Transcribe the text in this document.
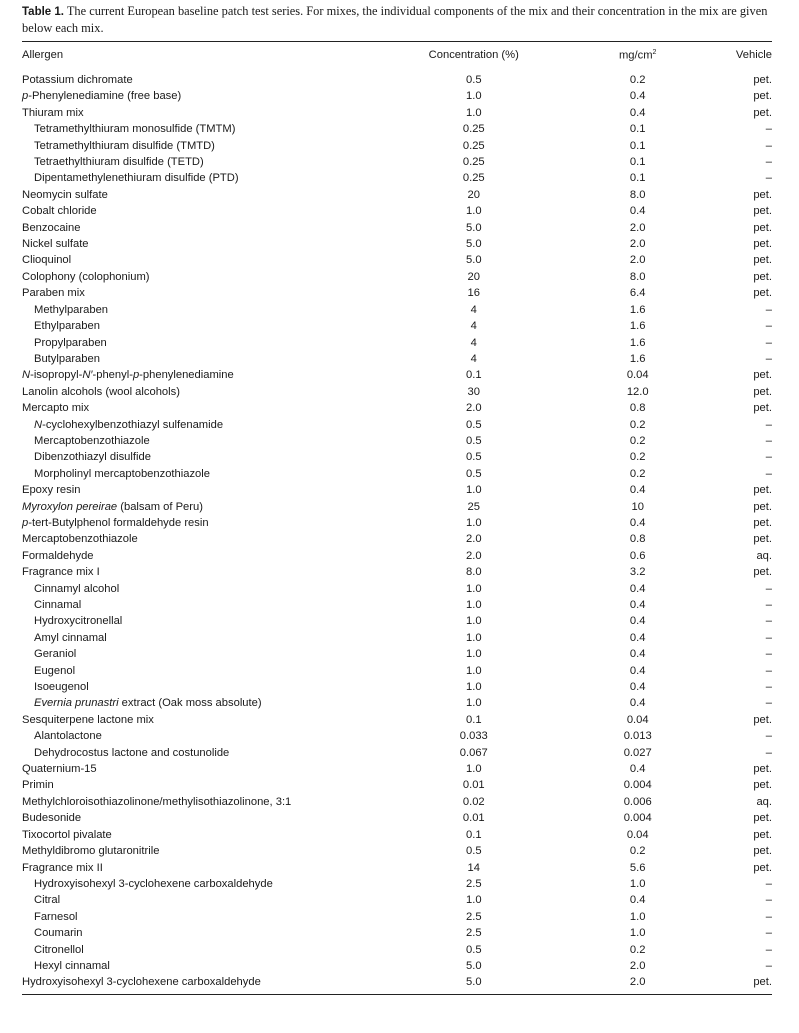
Table 1. The current European baseline patch test series. For mixes, the individual components of the mix and their concentration in the mix are given below each mix.
Allergen	Concentration (%)	$mg/cm^2$	Vehicle
Potassium dichromate	0.5	0.2	pet.
p-Phenylenediamine (free base)	1.0	0.4	pet.
Thiuram mix	1.0	0.4	pet.
Tetramethylthiuram monosulfide (TMTM)	0.25	0.1	–
Tetramethylthiuram disulfide (TMTD)	0.25	0.1	–
Tetraethylthiuram disulfide (TETD)	0.25	0.1	–
Dipentamethylenethiuram disulfide (PTD)	0.25	0.1	–
Neomycin sulfate	20	8.0	pet.
Cobalt chloride	1.0	0.4	pet.
Benzocaine	5.0	2.0	pet.
Nickel sulfate	5.0	2.0	pet.
Clioquinol	5.0	2.0	pet.
Colophony (colophonium)	20	8.0	pet.
Paraben mix	16	6.4	pet.
Methylparaben	4	1.6	–
Ethylparaben	4	1.6	–
Propylparaben	4	1.6	–
Butylparaben	4	1.6	–
N-isopropyl-N′-phenyl-p-phenylenediamine	0.1	0.04	pet.
Lanolin alcohols (wool alcohols)	30	12.0	pet.
Mercapto mix	2.0	0.8	pet.
N-cyclohexylbenzothiazyl sulfenamide	0.5	0.2	–
Mercaptobenzothiazole	0.5	0.2	–
Dibenzothiazyl disulfide	0.5	0.2	–
Morpholinyl mercaptobenzothiazole	0.5	0.2	–
Epoxy resin	1.0	0.4	pet.
Myroxylon pereirae (balsam of Peru)	25	10	pet.
p-tert-Butylphenol formaldehyde resin	1.0	0.4	pet.
Mercaptobenzothiazole	2.0	0.8	pet.
Formaldehyde	2.0	0.6	aq.
Fragrance mix I	8.0	3.2	pet.
Cinnamyl alcohol	1.0	0.4	–
Cinnamal	1.0	0.4	–
Hydroxycitronellal	1.0	0.4	–
Amyl cinnamal	1.0	0.4	–
Geraniol	1.0	0.4	–
Eugenol	1.0	0.4	–
Isoeugenol	1.0	0.4	–
Evernia prunastri extract (Oak moss absolute)	1.0	0.4	–
Sesquiterpene lactone mix	0.1	0.04	pet.
Alantolactone	0.033	0.013	–
Dehydrocostus lactone and costunolide	0.067	0.027	–
Quaternium-15	1.0	0.4	pet.
Primin	0.01	0.004	pet.
Methylchloroisothiazolinone/methylisothiazolinone, 3:1	0.02	0.006	aq.
Budesonide	0.01	0.004	pet.
Tixocortol pivalate	0.1	0.04	pet.
Methyldibromo glutaronitrile	0.5	0.2	pet.
Fragrance mix II	14	5.6	pet.
Hydroxyisohexyl 3-cyclohexene carboxaldehyde	2.5	1.0	–
Citral	1.0	0.4	–
Farnesol	2.5	1.0	–
Coumarin	2.5	1.0	–
Citronellol	0.5	0.2	–
Hexyl cinnamal	5.0	2.0	–
Hydroxyisohexyl 3-cyclohexene carboxaldehyde	5.0	2.0	pet.
